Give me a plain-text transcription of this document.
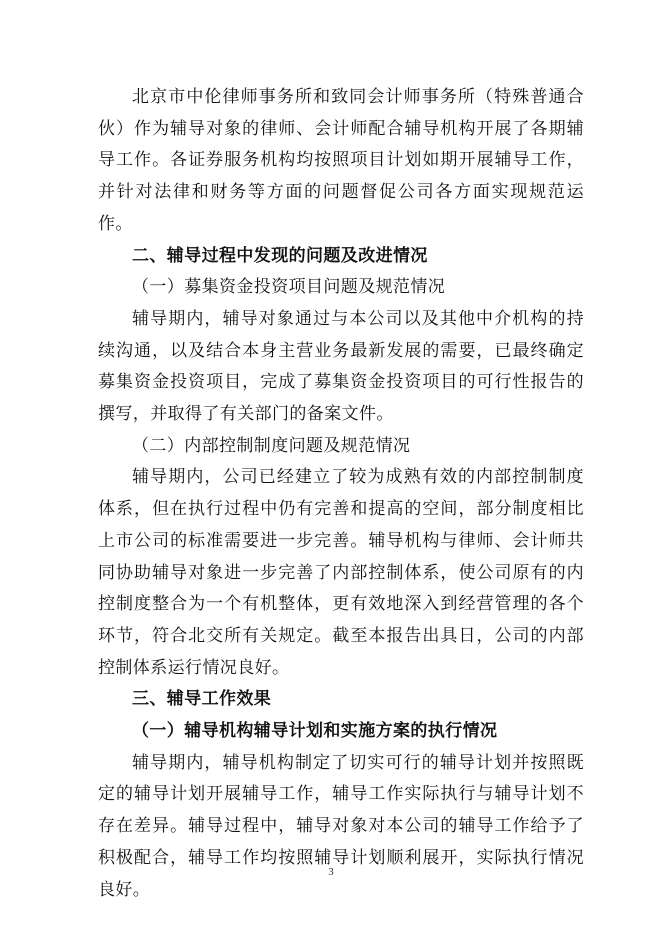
北京市中伦律师事务所和致同会计师事务所（特殊普通合伙）作为辅导对象的律师、会计师配合辅导机构开展了各期辅导工作。各证券服务机构均按照项目计划如期开展辅导工作，并针对法律和财务等方面的问题督促公司各方面实现规范运作。

二、辅导过程中发现的问题及改进情况

（一）募集资金投资项目问题及规范情况

辅导期内，辅导对象通过与本公司以及其他中介机构的持续沟通，以及结合本身主营业务最新发展的需要，已最终确定募集资金投资项目，完成了募集资金投资项目的可行性报告的撰写，并取得了有关部门的备案文件。

（二）内部控制制度问题及规范情况

辅导期内，公司已经建立了较为成熟有效的内部控制制度体系，但在执行过程中仍有完善和提高的空间，部分制度相比上市公司的标准需要进一步完善。辅导机构与律师、会计师共同协助辅导对象进一步完善了内部控制体系，使公司原有的内控制度整合为一个有机整体，更有效地深入到经营管理的各个环节，符合北交所有关规定。截至本报告出具日，公司的内部控制体系运行情况良好。

三、辅导工作效果

（一）辅导机构辅导计划和实施方案的执行情况

辅导期内，辅导机构制定了切实可行的辅导计划并按照既定的辅导计划开展辅导工作，辅导工作实际执行与辅导计划不存在差异。辅导过程中，辅导对象对本公司的辅导工作给予了积极配合，辅导工作均按照辅导计划顺利展开，实际执行情况良好。

3
